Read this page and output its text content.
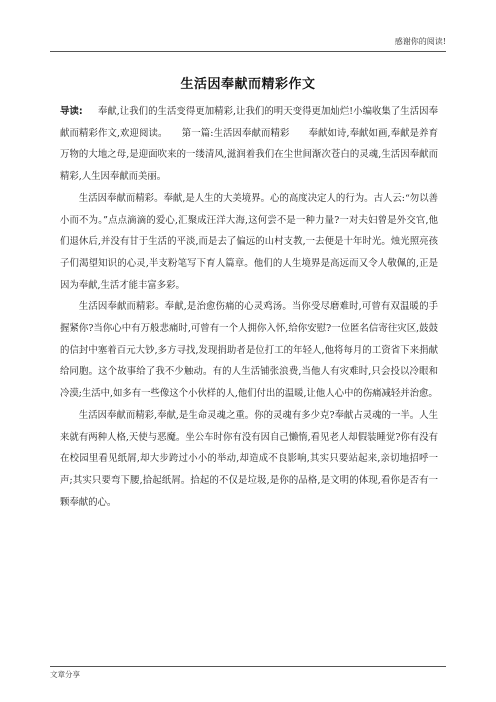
感谢你的阅读!
生活因奉献而精彩作文

导读: 奉献,让我们的生活变得更加精彩,让我们的明天变得更加灿烂!小编收集了生活因奉献而精彩作文,欢迎阅读。　　第一篇:生活因奉献而精彩　　奉献如诗,奉献如画,奉献是养育万物的大地之母,是迎面吹来的一缕清风,滋润着我们在尘世间渐次苍白的灵魂,生活因奉献而精彩,人生因奉献而美丽。

生活因奉献而精彩。奉献,是人生的大美境界。心的高度决定人的行为。古人云:“勿以善小而不为。”点点滴滴的爱心,汇聚成汪洋大海,这何尝不是一种力量?一对夫妇曾是外交官,他们退休后,并没有甘于生活的平淡,而是去了偏远的山村支教,一去便是十年时光。烛光照亮孩子们渴望知识的心灵,半支粉笔写下育人篇章。他们的人生境界是高远而又令人敬佩的,正是因为奉献,生活才能丰富多彩。

生活因奉献而精彩。奉献,是治愈伤痛的心灵鸡汤。当你受尽磨难时,可曾有双温暖的手握紧你?当你心中有万般悲痛时,可曾有一个人拥你入怀,给你安慰?一位匿名信寄往灾区,鼓鼓的信封中塞着百元大钞,多方寻找,发现捐助者是位打工的年轻人,他将每月的工资省下来捐献给同胞。这个故事给了我不少触动。有的人生活铺张浪费,当他人有灾难时,只会投以冷眼和冷漠;生活中,如多有一些像这个小伙样的人,他们付出的温暖,让他人心中的伤痛减轻并治愈。

生活因奉献而精彩,奉献,是生命灵魂之重。你的灵魂有多少克?奉献占灵魂的一半。人生来就有两种人格,天使与恶魔。坐公车时你有没有因自己懒惰,看见老人却假装睡觉?你有没有在校园里看见纸屑,却大步跨过小小的举动,却造成不良影响,其实只要站起来,亲切地招呼一声;其实只要弯下腰,拾起纸屑。拾起的不仅是垃圾,是你的品格,是文明的体现,看你是否有一颗奉献的心。

文章分享
